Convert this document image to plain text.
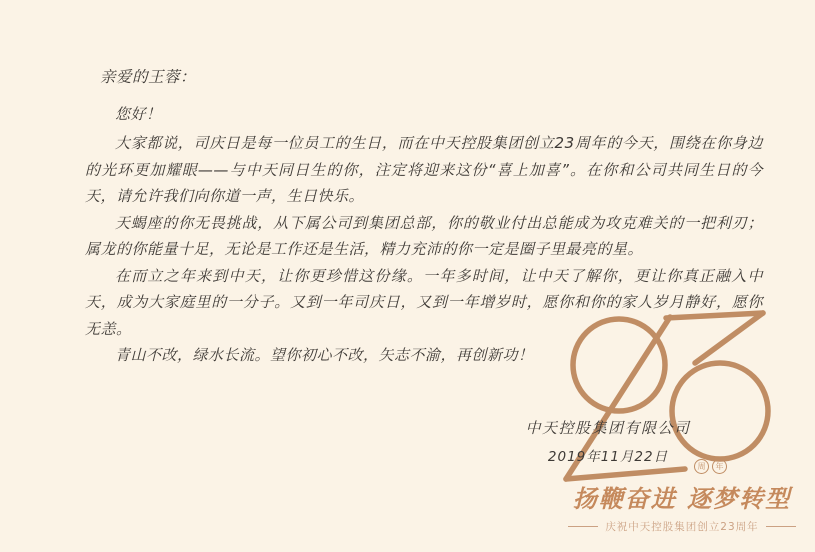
亲爱的王蓉：
您好！

大家都说，司庆日是每一位员工的生日，而在中天控股集团创立23周年的今天，围绕在你身边的光环更加耀眼——与中天同日生的你，注定将迎来这份“喜上加喜”。在你和公司共同生日的今天，请允许我们向你道一声，生日快乐。

天蝎座的你无畏挑战，从下属公司到集团总部，你的敬业付出总能成为攻克难关的一把利刃；属龙的你能量十足，无论是工作还是生活，精力充沛的你一定是圈子里最亮的星。

在而立之年来到中天，让你更珍惜这份缘。一年多时间，让中天了解你，更让你真正融入中天，成为大家庭里的一分子。又到一年司庆日，又到一年增岁时，愿你和你的家人岁月静好，愿你无恙。

青山不改，绿水长流。望你初心不改，矢志不渝，再创新功！

周	年
中天控股集团有限公司
2019年11月22日
扬鞭奋进 逐梦转型
庆祝中天控股集团创立23周年
